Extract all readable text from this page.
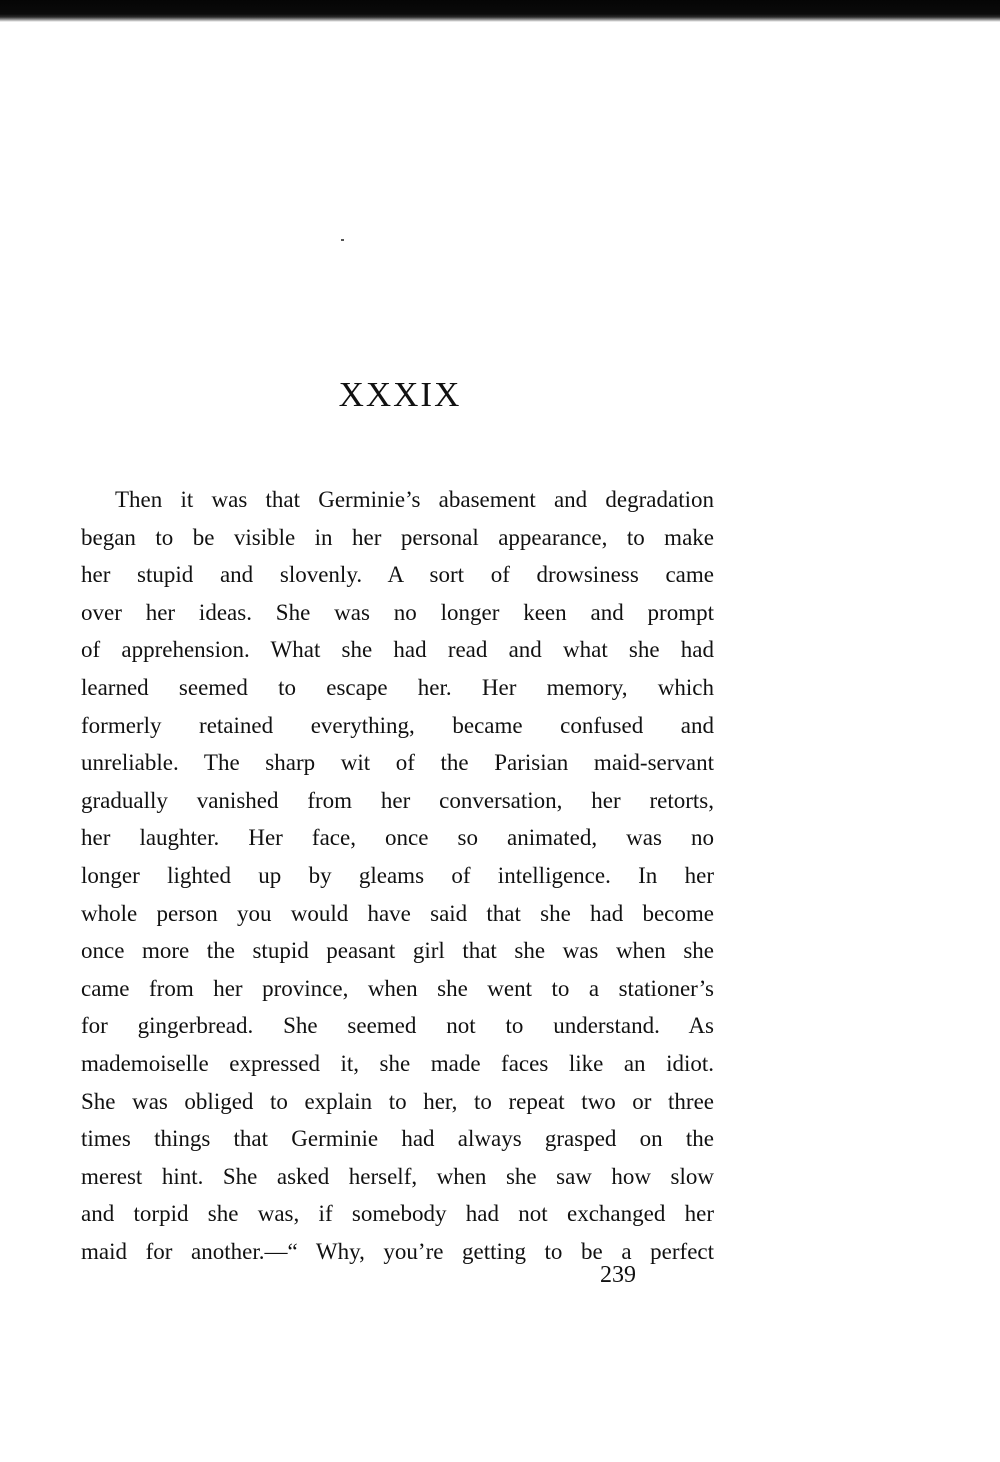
XXXIX
Then it was that Germinie’s abasement and degradation
began to be visible in her personal appearance, to make
her stupid and slovenly. A sort of drowsiness came
over her ideas. She was no longer keen and prompt
of apprehension. What she had read and what she had
learned seemed to escape her. Her memory, which
formerly retained everything, became confused and
unreliable. The sharp wit of the Parisian maid-servant
gradually vanished from her conversation, her retorts,
her laughter. Her face, once so animated, was no
longer lighted up by gleams of intelligence. In her
whole person you would have said that she had become
once more the stupid peasant girl that she was when she
came from her province, when she went to a stationer’s
for gingerbread. She seemed not to understand. As
mademoiselle expressed it, she made faces like an idiot.
She was obliged to explain to her, to repeat two or three
times things that Germinie had always grasped on the
merest hint. She asked herself, when she saw how slow
and torpid she was, if somebody had not exchanged her
maid for another.—“ Why, you’re getting to be a perfect

239
